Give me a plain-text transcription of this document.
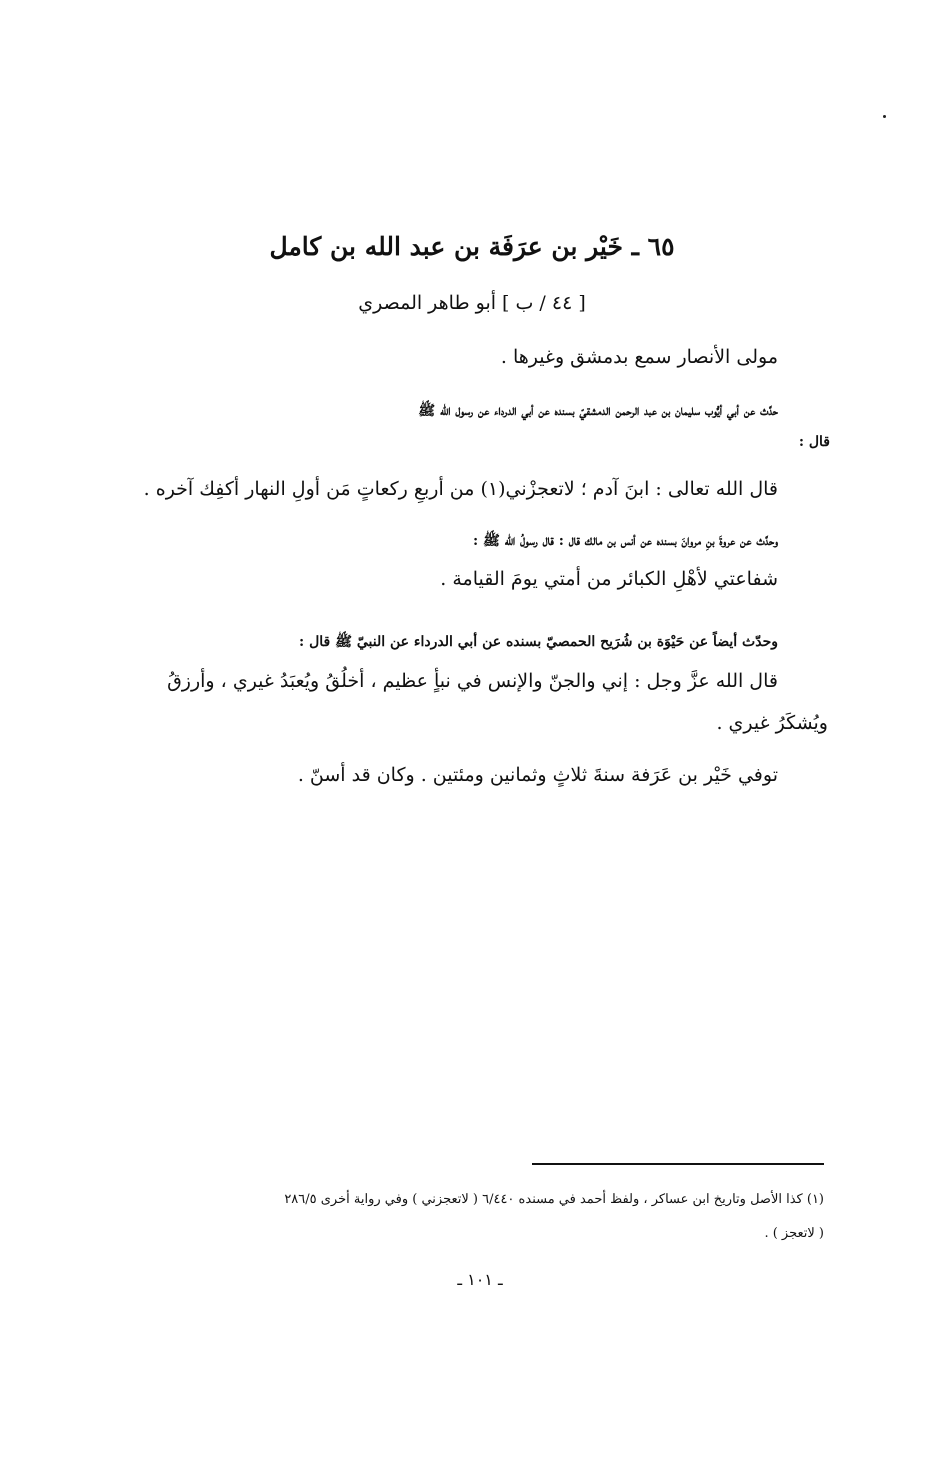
٦٥ ـ خَيْر بن عرَفَة بن عبد الله بن كامل
[ ٤٤ / ب ] أبو طاهر المصري
مولى الأنصار سمع بدمشق وغيرها .
حدَّث عن أبي أيُّوب سليمان بن عبد الرحمن الدمشقيّ بسنده عن أبي الدرداء عن رسول الله ﷺ
قال :
قال الله تعالى : ابنَ آدم ؛ لاتعجزْني(١) من أربعِ ركعاتٍ مَن أولِ النهار أكفِك آخره .
وحدَّث عن عروةَ بنِ مروانَ بسنده عن أنس بن مالك قال : قال رسولُ الله ﷺ :
شفاعتي لأهْلِ الكبائر من أمتي يومَ القيامة .
وحدّث أيضاً عن حَيْوَة بن شُرَيح الحمصيّ بسنده عن أبي الدرداء عن النبيّ ﷺ قال :
قال الله عزَّ وجل : إني والجنّ والإنس في نبأٍ عظيم ، أخلُقُ ويُعبَدُ غيري ، وأرزقُ
ويُشكَرُ غيري .
توفي خَيْر بن عَرَفة سنةَ ثلاثٍ وثمانين ومئتين . وكان قد أسنّ .
(١) كذا الأصل وتاريخ ابن عساكر ، ولفظ أحمد في مسنده ٦/٤٤٠ ( لاتعجزني ) وفي رواية أخرى ٢٨٦/٥
( لاتعجز ) .
ـ ١٠١ ـ
